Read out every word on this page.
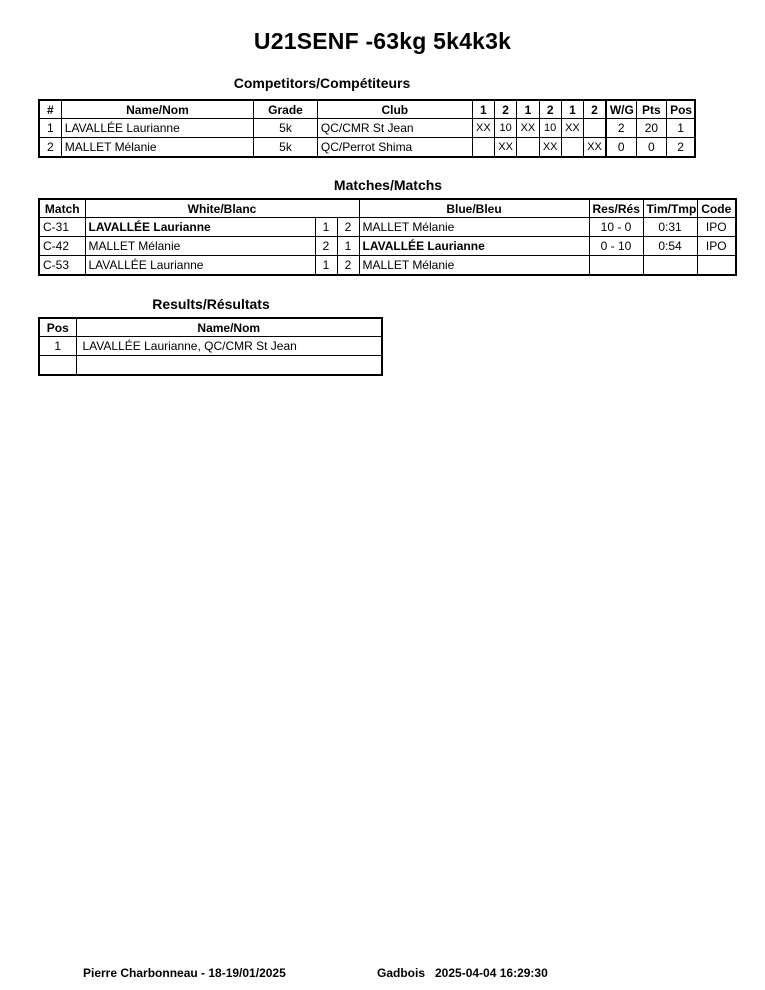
U21SENF -63kg 5k4k3k
Competitors/Compétiteurs
#	Name/Nom	Grade	Club	1	2	1	2	1	2	W/G	Pts	Pos
1	LAVALLÉE Laurianne	5k	QC/CMR St Jean	XX	10	XX	10	XX		2	20	1
2	MALLET Mélanie	5k	QC/Perrot Shima		XX		XX		XX	0	0	2
Matches/Matchs
Match	White/Blanc			Blue/Bleu	Res/Rés	Tim/Tmp	Code
C-31	LAVALLÉE Laurianne	1	2	MALLET Mélanie	10 - 0	0:31	IPO
C-42	MALLET Mélanie	2	1	LAVALLÉE Laurianne	0 - 10	0:54	IPO
C-53	LAVALLÉE Laurianne	1	2	MALLET Mélanie			
Results/Résultats
Pos	Name/Nom
1	LAVALLÉE Laurianne, QC/CMR St Jean

Pierre Charbonneau - 18-19/01/2025	Gadbois   2025-04-04 16:29:30
